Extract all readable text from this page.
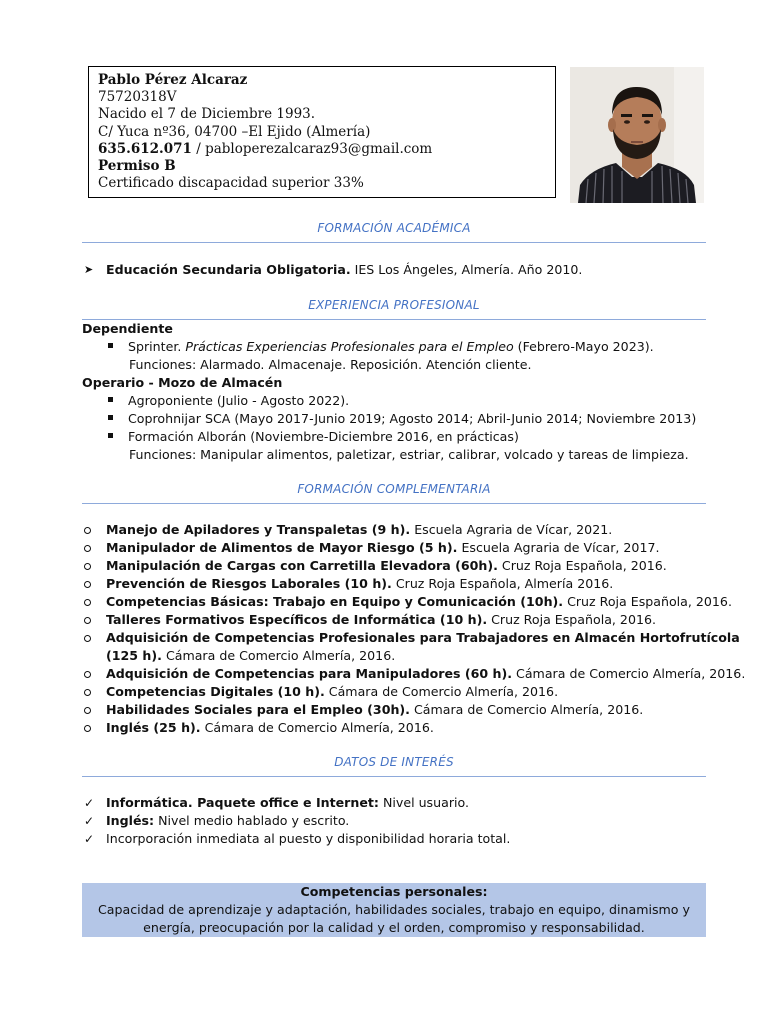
Pablo Pérez Alcaraz
75720318V
Nacido el 7 de Diciembre 1993.
C/ Yuca nº36, 04700 –El Ejido (Almería)
635.612.071 / pabloperezalcaraz93@gmail.com
Permiso B
Certificado discapacidad superior 33%
FORMACIÓN ACADÉMICA
➤ Educación Secundaria Obligatoria. IES Los Ángeles, Almería. Año 2010.
EXPERIENCIA PROFESIONAL
Dependiente
Sprinter. Prácticas Experiencias Profesionales para el Empleo (Febrero-Mayo 2023).
Funciones: Alarmado. Almacenaje. Reposición. Atención cliente.
Operario - Mozo de Almacén
Agroponiente (Julio - Agosto 2022).
Coprohnijar SCA (Mayo 2017-Junio 2019; Agosto 2014; Abril-Junio 2014; Noviembre 2013)
Formación Alborán (Noviembre-Diciembre 2016, en prácticas)
Funciones: Manipular alimentos, paletizar, estriar, calibrar, volcado y tareas de limpieza.
FORMACIÓN COMPLEMENTARIA
Manejo de Apiladores y Transpaletas (9 h). Escuela Agraria de Vícar, 2021.
Manipulador de Alimentos de Mayor Riesgo (5 h). Escuela Agraria de Vícar, 2017.
Manipulación de Cargas con Carretilla Elevadora (60h). Cruz Roja Española, 2016.
Prevención de Riesgos Laborales (10 h). Cruz Roja Española, Almería 2016.
Competencias Básicas: Trabajo en Equipo y Comunicación (10h). Cruz Roja Española, 2016.
Talleres Formativos Específicos de Informática (10 h). Cruz Roja Española, 2016.
Adquisición de Competencias Profesionales para Trabajadores en Almacén Hortofrutícola
(125 h). Cámara de Comercio Almería, 2016.
Adquisición de Competencias para Manipuladores (60 h). Cámara de Comercio Almería, 2016.
Competencias Digitales (10 h). Cámara de Comercio Almería, 2016.
Habilidades Sociales para el Empleo (30h). Cámara de Comercio Almería, 2016.
Inglés (25 h). Cámara de Comercio Almería, 2016.
DATOS DE INTERÉS
✓ Informática. Paquete office e Internet: Nivel usuario.
✓ Inglés: Nivel medio hablado y escrito.
✓ Incorporación inmediata al puesto y disponibilidad horaria total.
Competencias personales:
Capacidad de aprendizaje y adaptación, habilidades sociales, trabajo en equipo, dinamismo y
energía, preocupación por la calidad y el orden, compromiso y responsabilidad.
